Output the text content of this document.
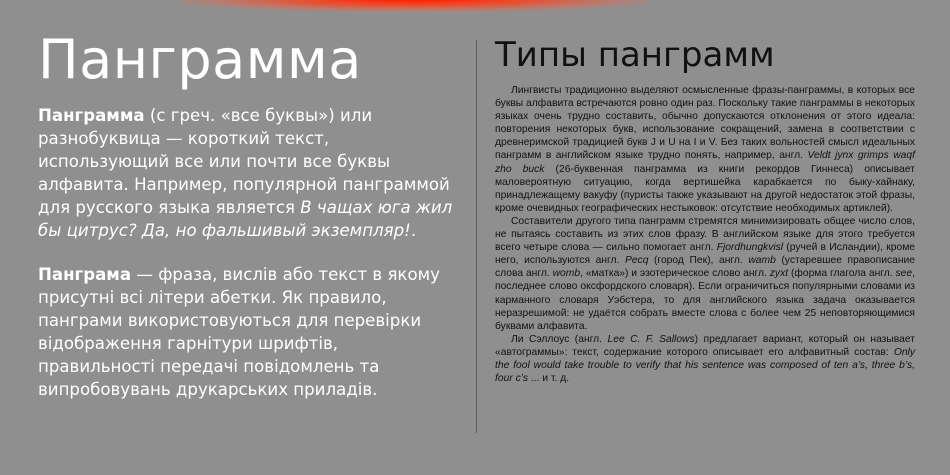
Панграмма

Панграмма (с греч. «все буквы») или разнобуквица — короткий текст, использующий все или почти все буквы алфавита. Например, популярной панграммой для русского языка является В чащах юга жил бы цитрус? Да, но фальшивый экземпляр!.

Панграма — фраза, вислів або текст в якому присутні всі літери абетки. Як правило, панграми використовуються для перевірки відображення гарнітури шрифтів, правильності передачі повідомлень та випробовувань друкарських приладів.

Типы панграмм

Лингвисты традиционно выделяют осмысленные фразы-панграммы, в которых все буквы алфавита встречаются ровно один раз. Поскольку такие панграммы в некоторых языках очень трудно составить, обычно допускаются отклонения от этого идеала: повторения некоторых букв, использование сокращений, замена в соответствии с древнеримской традицией букв J и U на I и V. Без таких вольностей смысл идеальных панграмм в английском языке трудно понять, например, англ. Veldt jynx grimps waqf zho buck (26-буквенная панграмма из книги рекордов Гиннеса) описывает маловероятную ситуацию, когда вертишейка карабкается по быку-хайнаку, принадлежащему вакуфу (пуристы также указывают на другой недостаток этой фразы, кроме очевидных географических нестыковок: отсутствие необходимых артиклей).

Составители другого типа панграмм стремятся минимизировать общее число слов, не пытаясь составить из этих слов фразу. В английском языке для этого требуется всего четыре слова — сильно помогает англ. Fjordhungkvisl (ручей в Исландии), кроме него, используются англ. Pecq (город Пек), англ. wamb (устаревшее правописание слова англ. womb, «матка») и эзотерическое слово англ. zyxt (форма глагола англ. see, последнее слово оксфордского словаря). Если ограничиться популярными словами из карманного словаря Уэбстера, то для английского языка задача оказывается неразрешимой: не удаётся собрать вместе слова с более чем 25 неповторяющимися буквами алфавита.

Ли Сэллоус (англ. Lee C. F. Sallows) предлагает вариант, который он называет «автограммы»: текст, содержание которого описывает его алфавитный состав: Only the fool would take trouble to verify that his sentence was composed of ten a’s, three b’s, four c’s ... и т. д.
